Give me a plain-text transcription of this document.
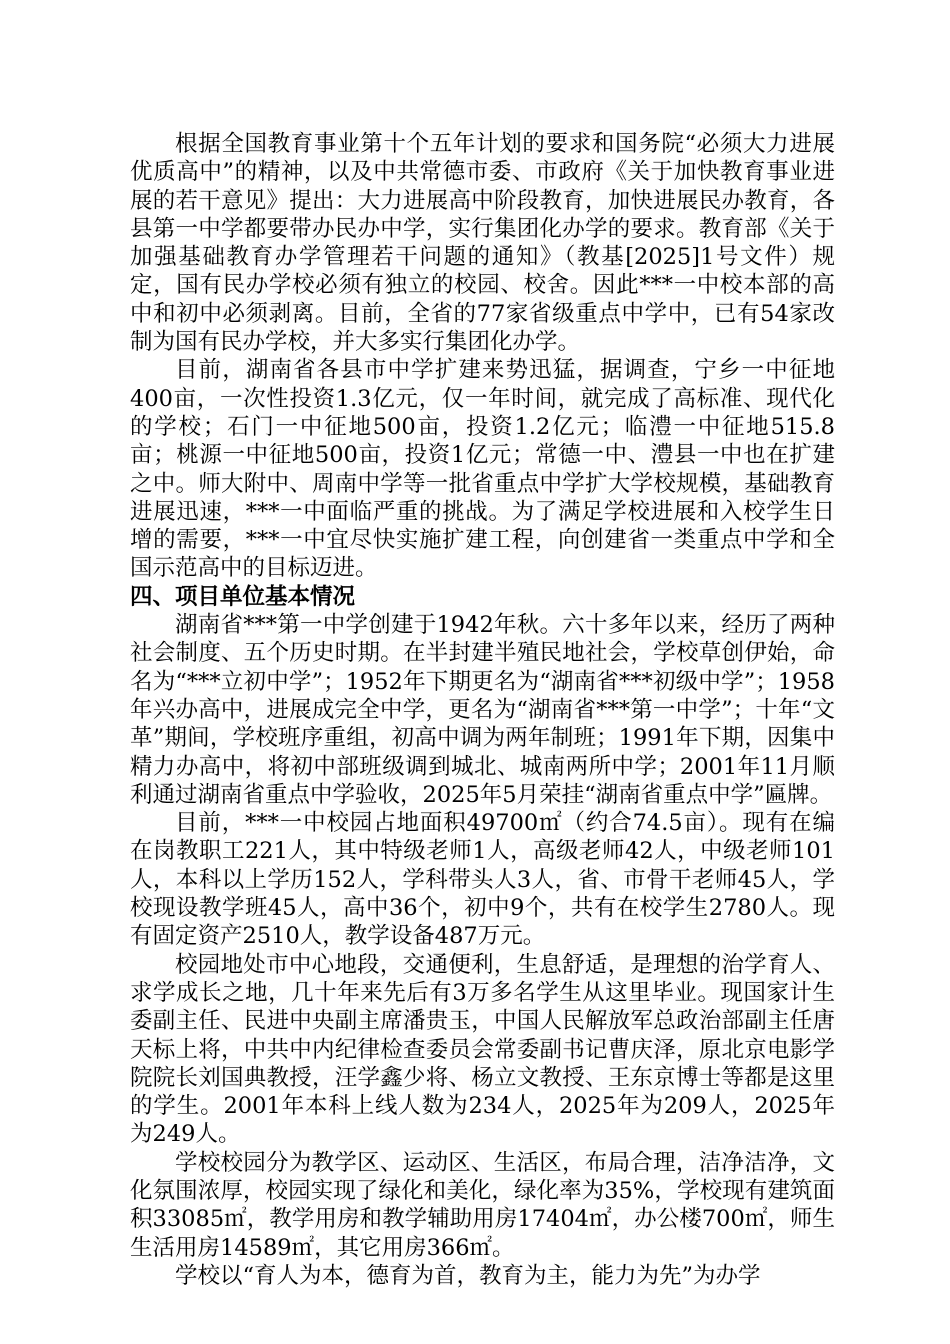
根据全国教育事业第十个五年计划的要求和国务院“必须大力进展优质高中”的精神，以及中共常德市委、市政府《关于加快教育事业进展的若干意见》提出：大力进展高中阶段教育，加快进展民办教育，各县第一中学都要带办民办中学，实行集团化办学的要求。教育部《关于加强基础教育办学管理若干问题的通知》（教基[2025]1号文件）规定，国有民办学校必须有独立的校园、校舍。因此***一中校本部的高中和初中必须剥离。目前，全省的77家省级重点中学中，已有54家改制为国有民办学校，并大多实行集团化办学。

目前，湖南省各县市中学扩建来势迅猛，据调查，宁乡一中征地400亩，一次性投资1.3亿元，仅一年时间，就完成了高标准、现代化的学校；石门一中征地500亩，投资1.2亿元；临澧一中征地515.8亩；桃源一中征地500亩，投资1亿元；常德一中、澧县一中也在扩建之中。师大附中、周南中学等一批省重点中学扩大学校规模，基础教育进展迅速，***一中面临严重的挑战。为了满足学校进展和入校学生日增的需要，***一中宜尽快实施扩建工程，向创建省一类重点中学和全国示范高中的目标迈进。

四、项目单位基本情况

湖南省***第一中学创建于1942年秋。六十多年以来，经历了两种社会制度、五个历史时期。在半封建半殖民地社会，学校草创伊始，命名为“***立初中学”；1952年下期更名为“湖南省***初级中学”；1958年兴办高中，进展成完全中学，更名为“湖南省***第一中学”；十年“文革”期间，学校班序重组，初高中调为两年制班；1991年下期，因集中精力办高中，将初中部班级调到城北、城南两所中学；2001年11月顺利通过湖南省重点中学验收，2025年5月荣挂“湖南省重点中学”匾牌。

目前，***一中校园占地面积49700㎡（约合74.5亩）。现有在编在岗教职工221人，其中特级老师1人，高级老师42人，中级老师101人，本科以上学历152人，学科带头人3人，省、市骨干老师45人，学校现设教学班45人，高中36个，初中9个，共有在校学生2780人。现有固定资产2510人，教学设备487万元。

校园地处市中心地段，交通便利，生息舒适，是理想的治学育人、求学成长之地，几十年来先后有3万多名学生从这里毕业。现国家计生委副主任、民进中央副主席潘贵玉，中国人民解放军总政治部副主任唐天标上将，中共中内纪律检查委员会常委副书记曹庆泽，原北京电影学院院长刘国典教授，汪学鑫少将、杨立文教授、王东京博士等都是这里的学生。2001年本科上线人数为234人，2025年为209人，2025年为249人。

学校校园分为教学区、运动区、生活区，布局合理，洁净洁净，文化氛围浓厚，校园实现了绿化和美化，绿化率为35%，学校现有建筑面积33085㎡，教学用房和教学辅助用房17404㎡，办公楼700㎡，师生生活用房14589㎡，其它用房366㎡。

学校以“育人为本，德育为首，教育为主，能力为先”为办学
